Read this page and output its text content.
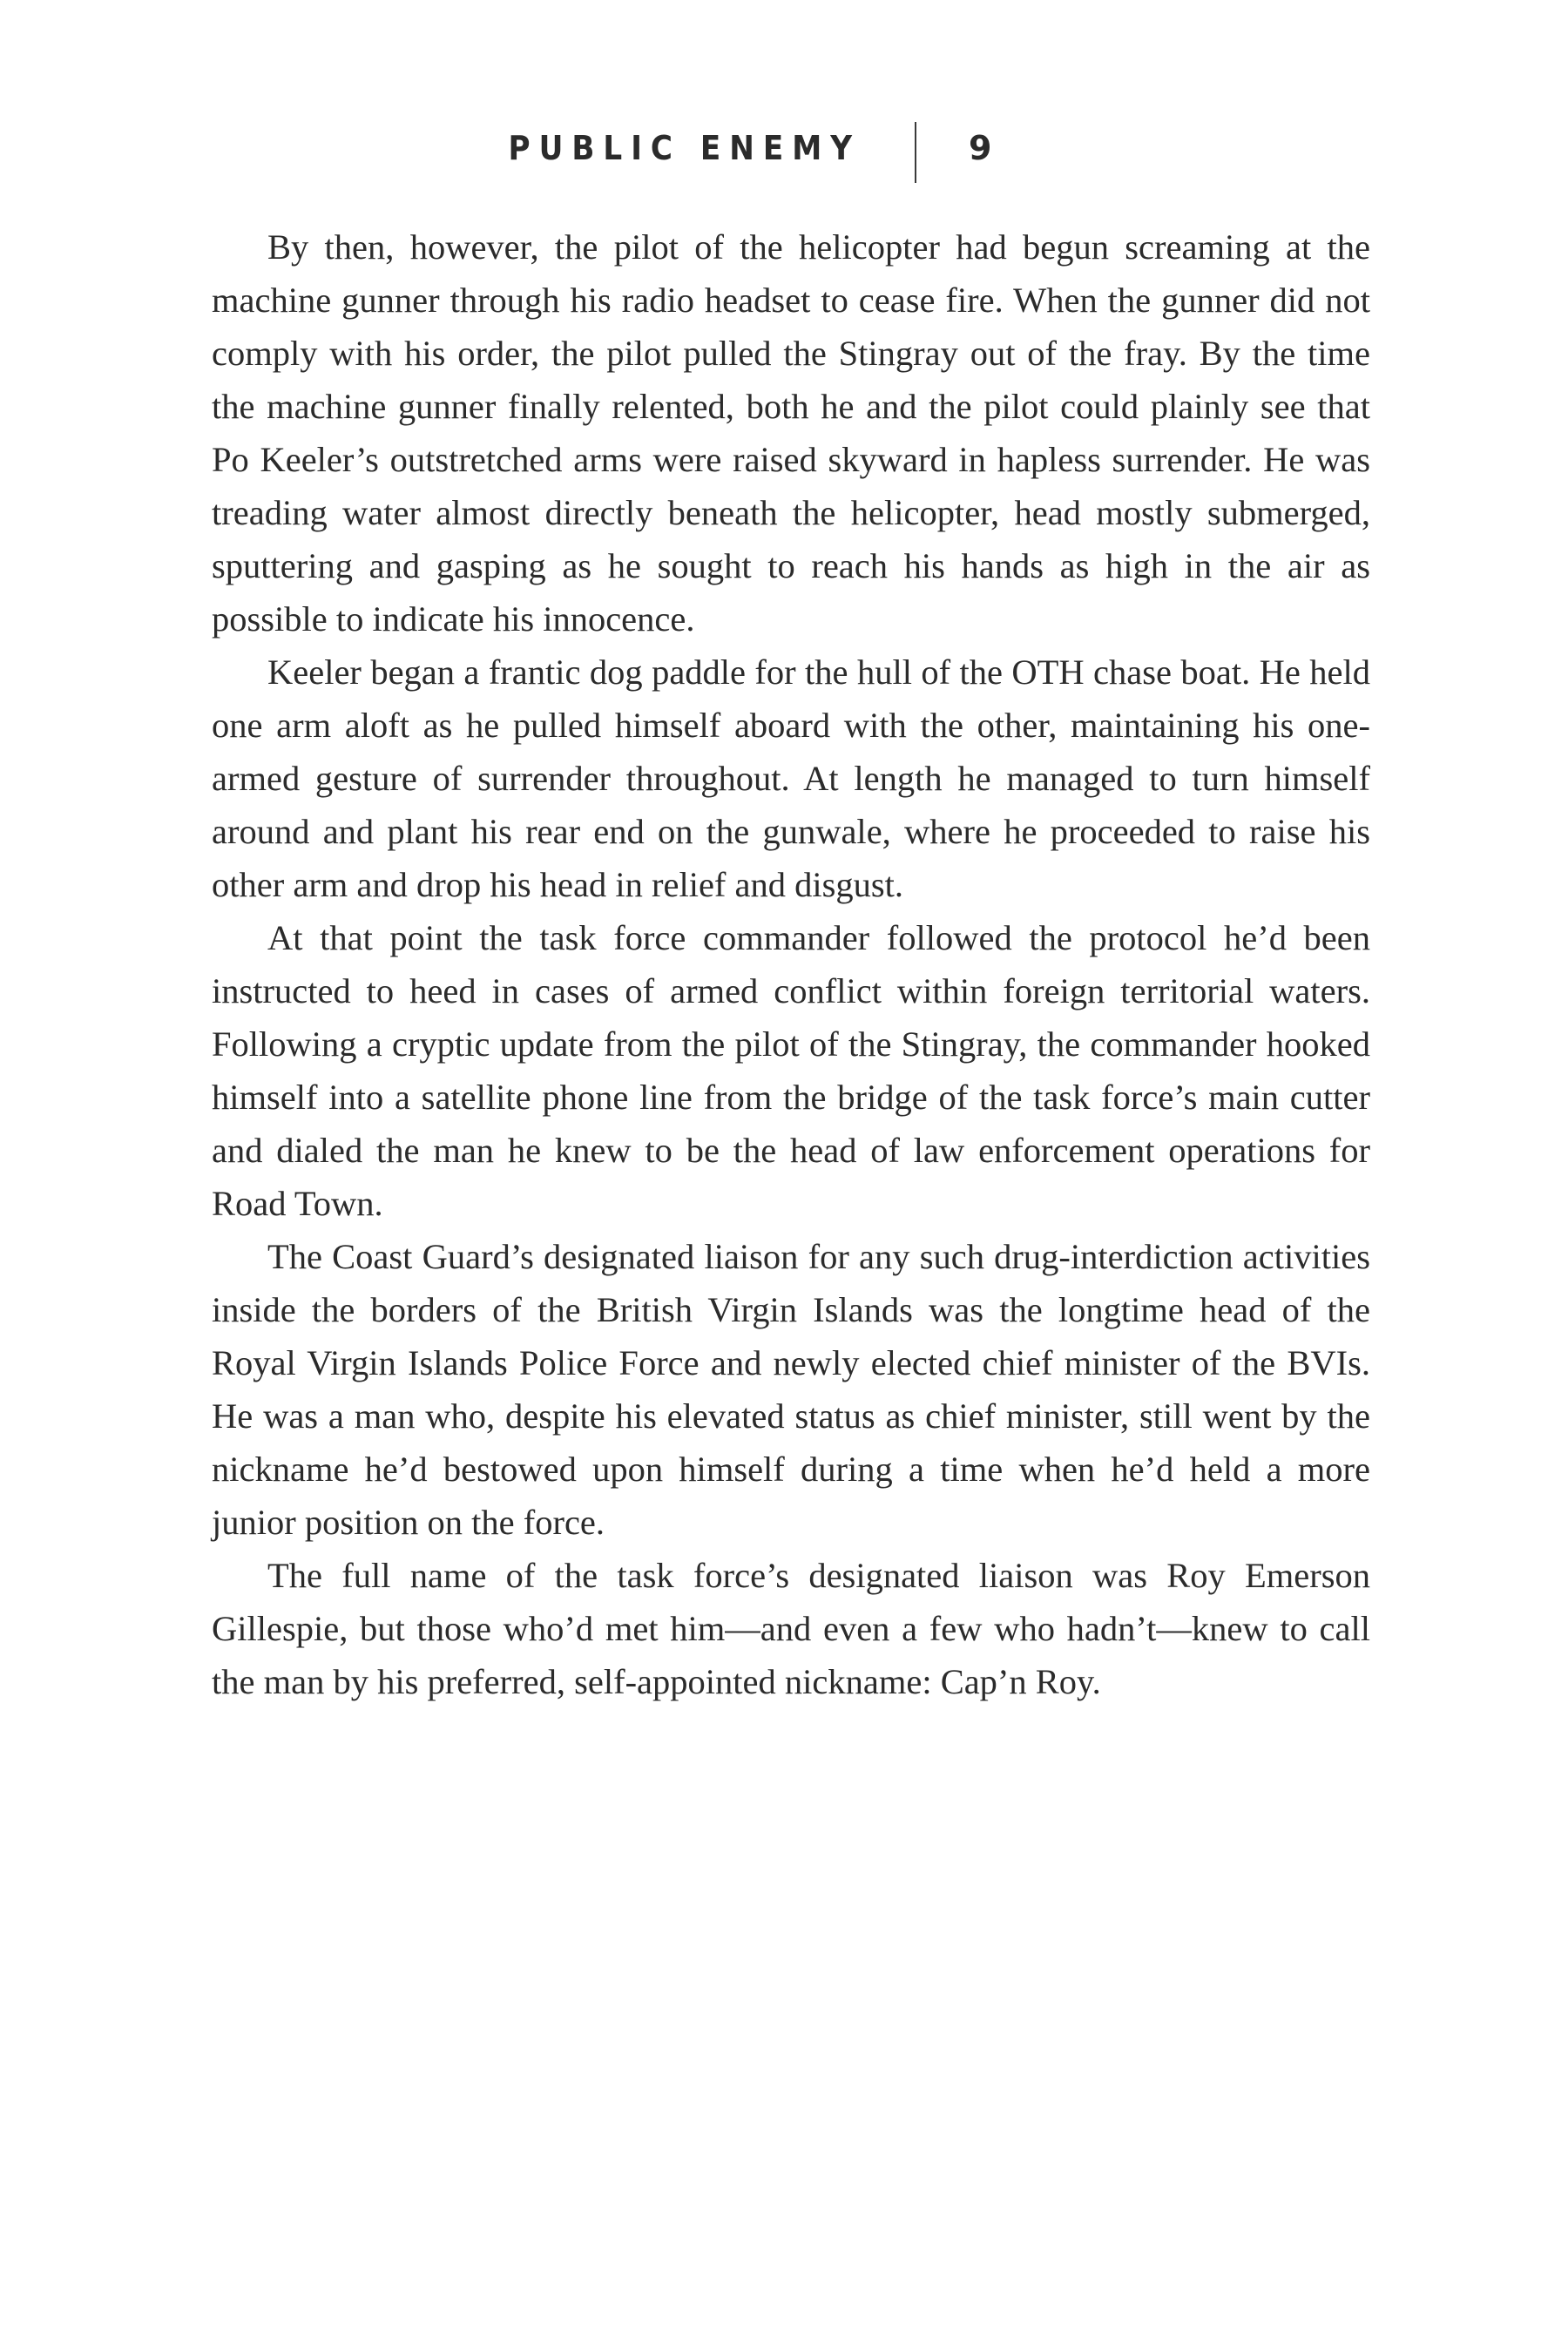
PUBLIC ENEMY	9

By then, however, the pilot of the helicopter had begun screaming at the machine gunner through his radio headset to cease fire. When the gunner did not comply with his order, the pilot pulled the Stingray out of the fray. By the time the machine gunner finally relented, both he and the pilot could plainly see that Po Keeler’s outstretched arms were raised skyward in hapless surrender. He was treading water almost directly beneath the helicopter, head mostly submerged, sputtering and gasping as he sought to reach his hands as high in the air as possible to indicate his innocence.

Keeler began a frantic dog paddle for the hull of the OTH chase boat. He held one arm aloft as he pulled himself aboard with the other, maintaining his one-armed gesture of surrender throughout. At length he managed to turn himself around and plant his rear end on the gunwale, where he proceeded to raise his other arm and drop his head in relief and disgust.

At that point the task force commander followed the protocol he’d been instructed to heed in cases of armed conflict within foreign territorial waters. Following a cryptic update from the pilot of the Stingray, the commander hooked himself into a satellite phone line from the bridge of the task force’s main cutter and dialed the man he knew to be the head of law enforcement operations for Road Town.

The Coast Guard’s designated liaison for any such drug-interdiction activities inside the borders of the British Virgin Islands was the longtime head of the Royal Virgin Islands Police Force and newly elected chief minister of the BVIs. He was a man who, despite his elevated status as chief minister, still went by the nickname he’d bestowed upon himself during a time when he’d held a more junior position on the force.

The full name of the task force’s designated liaison was Roy Emerson Gillespie, but those who’d met him—and even a few who hadn’t—knew to call the man by his preferred, self-appointed nickname: Cap’n Roy.
